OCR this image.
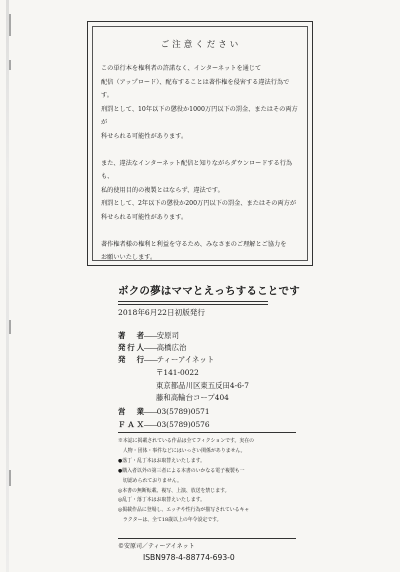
ご注意ください

この単行本を権利者の許諾なく、インターネットを通じて
配信（アップロード）、配布することは著作権を侵害する違法行為です。
刑罰として、10年以下の懲役か1000万円以下の罰金、またはその両方が
科せられる可能性があります。

また、違法なインターネット配信と知りながらダウンロードする行為も、
私的使用目的の複製とはならず、違法です。
刑罰として、2年以下の懲役か200万円以下の罰金、またはその両方が
科せられる可能性があります。

著作権者様の権利と利益を守るため、みなさまのご理解とご協力を
お願いいたします。

ボクの夢はママとえっちすることです
2018年6月22日初版発行
著　者――安原司
発行人――高橋広治
発　行――ティーアイネット
〒141-0022
東京都品川区東五反田4-6-7
藤和高輪台コープ404
営　業――03(5789)0571
ＦＡＸ――03(5789)0576
※本誌に掲載されている作品は全てフィクションです。実在の
　人物・団体・事件などにはいっさい関係がありません。
●落丁・乱丁本はお取替えいたします。
●購入者以外の第三者による本書のいかなる電子複製も一
　切認められておりません。
◎本書の無断転載、複写、上演、放送を禁じます。
◎乱丁・落丁本はお取替えいたします。
◎掲載作品に登場し、エッチや性行為が描写されているキャ
　ラクターは、全て18歳以上の年令設定です。
©安原司／ティーアイネット
ISBN978-4-88774-693-0
